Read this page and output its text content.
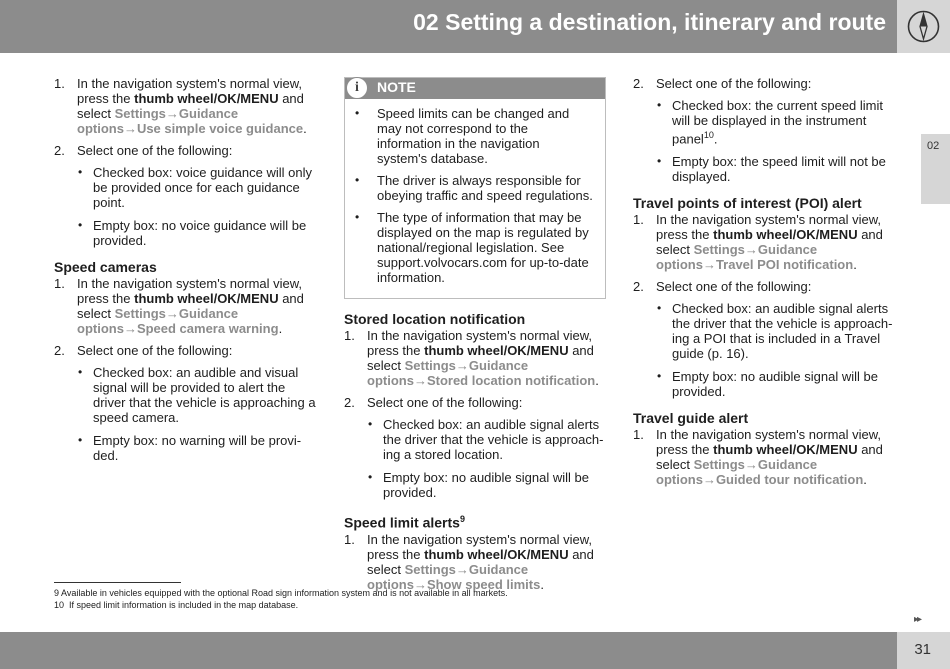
02 Setting a destination, itinerary and route
02
1. In the navigation system's normal view, press the thumb wheel/OK/MENU and

select Settings→Guidance options→Use simple voice guidance.

2. Select one of the following:

• Checked box: voice guidance will only be provided once for each guidance point.
• Empty box: no voice guidance will be provided.
Speed cameras
1. In the navigation system's normal view, press the thumb wheel/OK/MENU and

select Settings→Guidance options→Speed camera warning.

2. Select one of the following:

• Checked box: an audible and visual signal will be provided to alert the driver that the vehicle is approaching a speed camera.
• Empty box: no warning will be provi-ded.
i	NOTE
• Speed limits can be changed and may not correspond to the information in the navigation system's database.
• The driver is always responsible for obeying traffic and speed regulations.
• The type of information that may be displayed on the map is regulated by national/regional legislation. See support.volvocars.com for up-to-date information.
Stored location notification
1. In the navigation system's normal view, press the thumb wheel/OK/MENU and

select Settings→Guidance options→Stored location notification.

2. Select one of the following:

• Checked box: an audible signal alerts the driver that the vehicle is approach-ing a stored location.
• Empty box: no audible signal will be provided.
Speed limit alerts$^9$
1. In the navigation system's normal view, press the thumb wheel/OK/MENU and

select Settings→Guidance options→Show speed limits.

2. Select one of the following:

• Checked box: the current speed limit will be displayed in the instrument panel$^{10}$.
• Empty box: the speed limit will not be displayed.
Travel points of interest (POI) alert
1. In the navigation system's normal view, press the thumb wheel/OK/MENU and

select Settings→Guidance options→Travel POI notification.

2. Select one of the following:

• Checked box: an audible signal alerts the driver that the vehicle is approach-ing a POI that is included in a Travel guide (p. 16).
• Empty box: no audible signal will be provided.
Travel guide alert
1. In the navigation system's normal view, press the thumb wheel/OK/MENU and

select Settings→Guidance options→Guided tour notification.

9 Available in vehicles equipped with the optional Road sign information system and is not available in all markets.
10 If speed limit information is included in the map database.
▸▸
31
